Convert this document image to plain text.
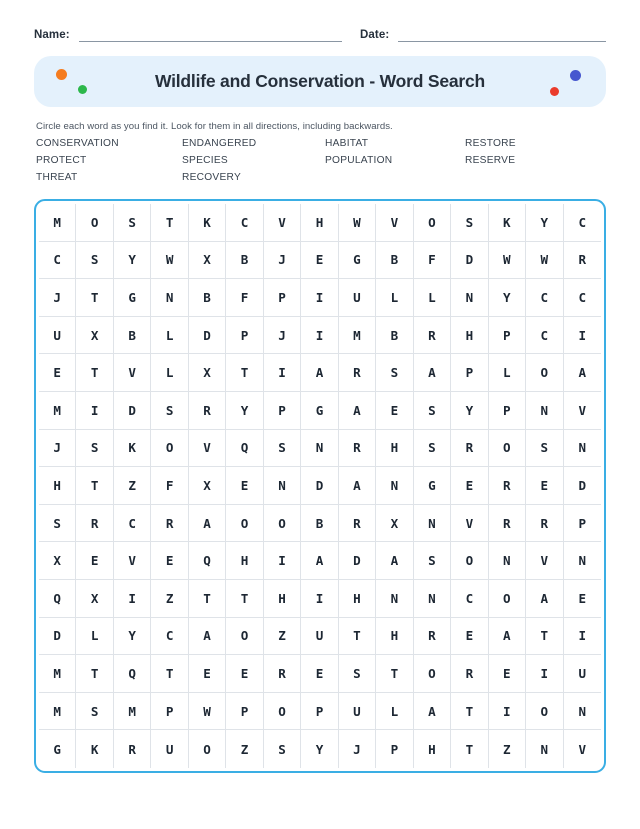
Name:	Date:
Wildlife and Conservation - Word Search

Circle each word as you find it. Look for them in all directions, including backwards.

CONSERVATION	ENDANGERED	HABITAT	RESTORE
PROTECT	SPECIES	POPULATION	RESERVE
THREAT	RECOVERY
M	O	S	T	K	C	V	H	W	V	O	S	K	Y	C
C	S	Y	W	X	B	J	E	G	B	F	D	W	W	R
J	T	G	N	B	F	P	I	U	L	L	N	Y	C	C
U	X	B	L	D	P	J	I	M	B	R	H	P	C	I
E	T	V	L	X	T	I	A	R	S	A	P	L	O	A
M	I	D	S	R	Y	P	G	A	E	S	Y	P	N	V
J	S	K	O	V	Q	S	N	R	H	S	R	O	S	N
H	T	Z	F	X	E	N	D	A	N	G	E	R	E	D
S	R	C	R	A	O	O	B	R	X	N	V	R	R	P
X	E	V	E	Q	H	I	A	D	A	S	O	N	V	N
Q	X	I	Z	T	T	H	I	H	N	N	C	O	A	E
D	L	Y	C	A	O	Z	U	T	H	R	E	A	T	I
M	T	Q	T	E	E	R	E	S	T	O	R	E	I	U
M	S	M	P	W	P	O	P	U	L	A	T	I	O	N
G	K	R	U	O	Z	S	Y	J	P	H	T	Z	N	V
